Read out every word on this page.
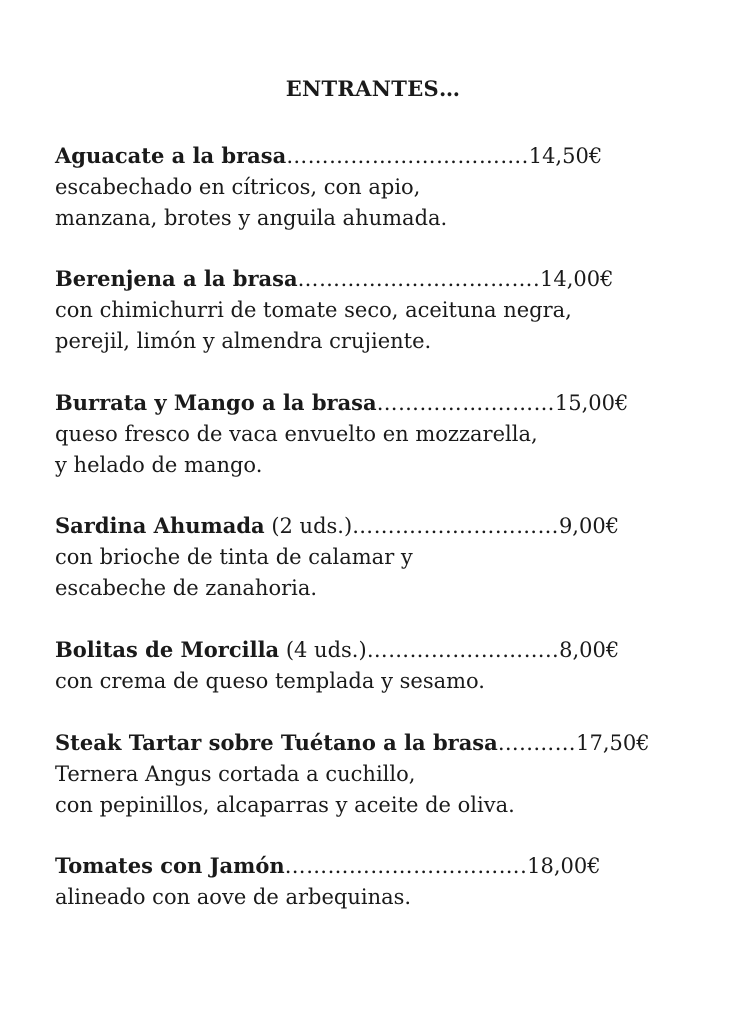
ENTRANTES…
Aguacate a la brasa…………………………….14,50€
escabechado en cítricos, con apio,
manzana, brotes y anguila ahumada.
Berenjena a la brasa…………………………….14,00€
con chimichurri de tomate seco, aceituna negra,
perejil, limón y almendra crujiente.
Burrata y Mango a la brasa…………….………15,00€
queso fresco de vaca envuelto en mozzarella,
y helado de mango.
Sardina Ahumada (2 uds.)……….…….…………9,00€
con brioche de tinta de calamar y
escabeche de zanahoria.
Bolitas de Morcilla (4 uds.)…………….………..8,00€
con crema de queso templada y sesamo.
Steak Tartar sobre Tuétano a la brasa…..……17,50€
Ternera Angus cortada a cuchillo,
con pepinillos, alcaparras y aceite de oliva.
Tomates con Jamón…………………………….18,00€
alineado con aove de arbequinas.
